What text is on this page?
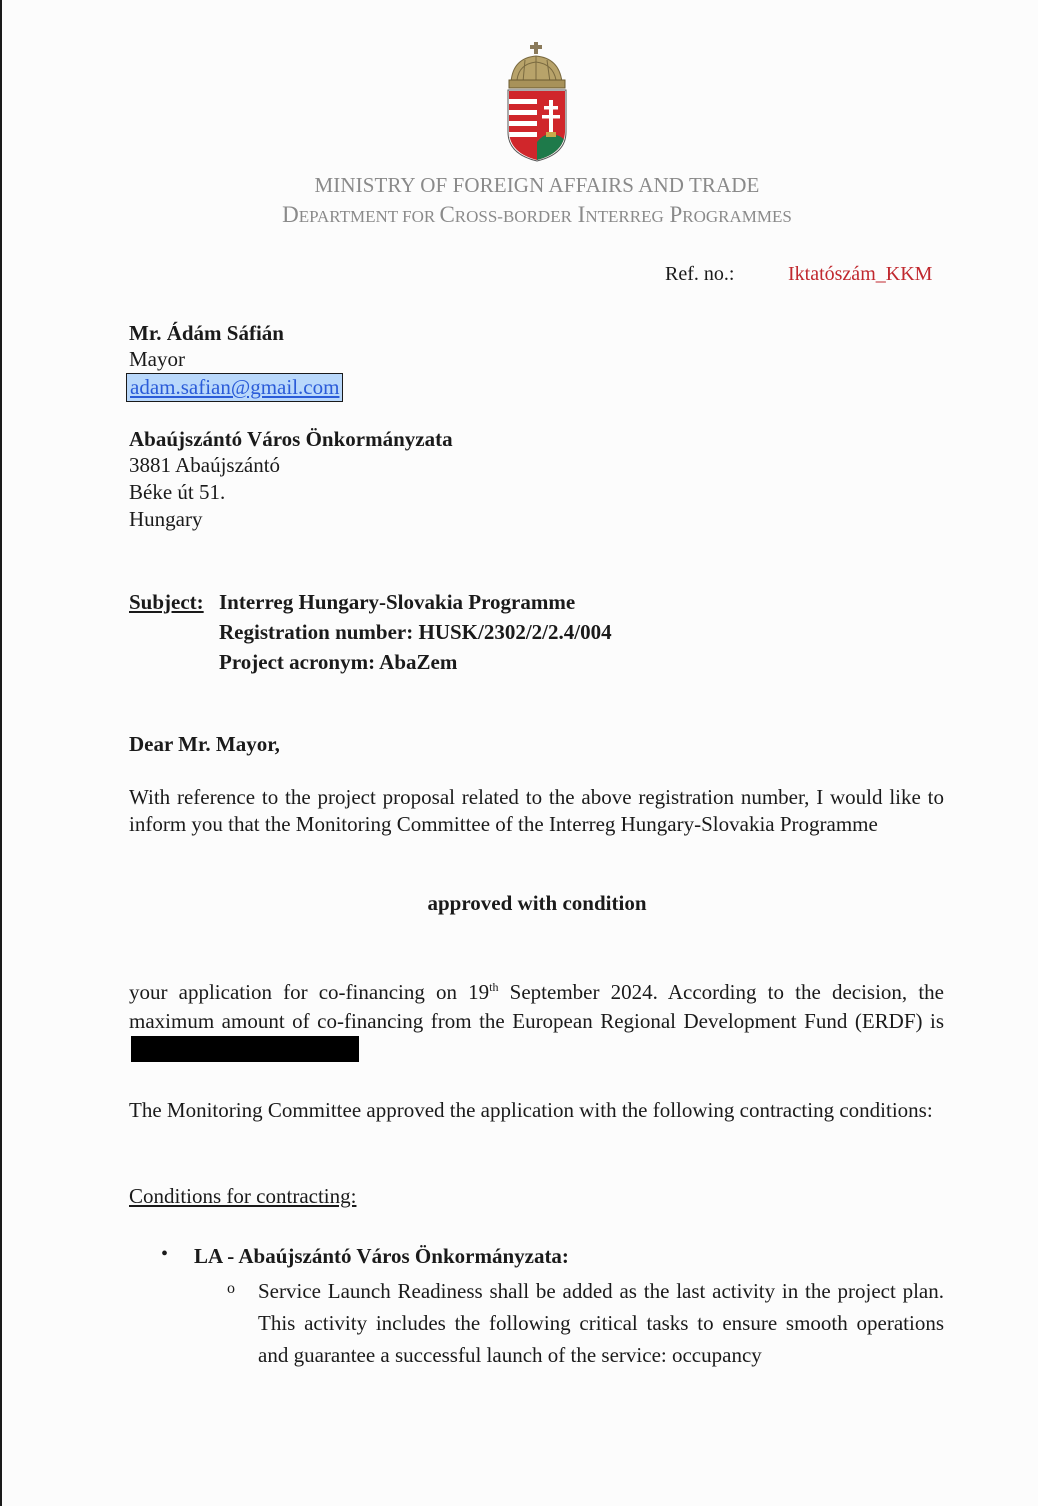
MINISTRY OF FOREIGN AFFAIRS AND TRADE
DEPARTMENT FOR CROSS-BORDER INTERREG PROGRAMMES
Ref. no.:	Iktatószám_KKM
Mr. Ádám Sáfián
Mayor
adam.safian@gmail.com
Abaújszántó Város Önkormányzata
3881 Abaújszántó
Béke út 51.
Hungary
Subject: Interreg Hungary-Slovakia Programme
Registration number: HUSK/2302/2/2.4/004
Project acronym: AbaZem
Dear Mr. Mayor,
With reference to the project proposal related to the above registration number, I would like to inform you that the Monitoring Committee of the Interreg Hungary-Slovakia Programme
approved with condition
your application for co-financing on 19th September 2024. According to the decision, the maximum amount of co-financing from the European Regional Development Fund (ERDF) is
The Monitoring Committee approved the application with the following contracting conditions:
Conditions for contracting:
• LA - Abaújszántó Város Önkormányzata:
o Service Launch Readiness shall be added as the last activity in the project plan. This activity includes the following critical tasks to ensure smooth operations and guarantee a successful launch of the service: occupancy
